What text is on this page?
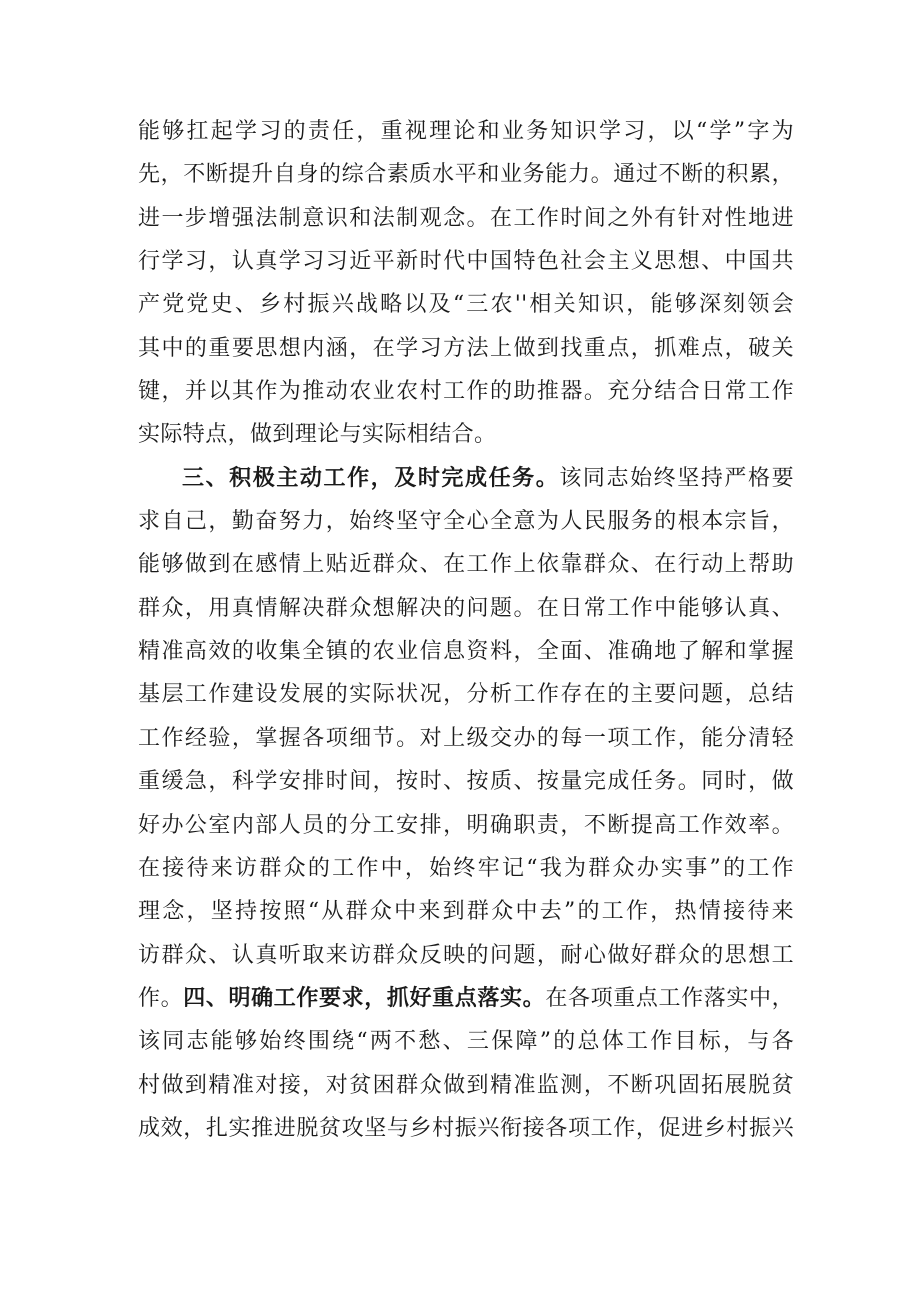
能够扛起学习的责任，重视理论和业务知识学习，以“学”字为
先，不断提升自身的综合素质水平和业务能力。通过不断的积累，
进一步增强法制意识和法制观念。在工作时间之外有针对性地进
行学习，认真学习习近平新时代中国特色社会主义思想、中国共
产党党史、乡村振兴战略以及“三农''相关知识，能够深刻领会
其中的重要思想内涵，在学习方法上做到找重点，抓难点，破关
键，并以其作为推动农业农村工作的助推器。充分结合日常工作
实际特点，做到理论与实际相结合。
三、积极主动工作，及时完成任务。该同志始终坚持严格要
求自己，勤奋努力，始终坚守全心全意为人民服务的根本宗旨，
能够做到在感情上贴近群众、在工作上依靠群众、在行动上帮助
群众，用真情解决群众想解决的问题。在日常工作中能够认真、
精准高效的收集全镇的农业信息资料，全面、准确地了解和掌握
基层工作建设发展的实际状况，分析工作存在的主要问题，总结
工作经验，掌握各项细节。对上级交办的每一项工作，能分清轻
重缓急，科学安排时间，按时、按质、按量完成任务。同时，做
好办公室内部人员的分工安排，明确职责，不断提高工作效率。
在接待来访群众的工作中，始终牢记“我为群众办实事”的工作
理念，坚持按照“从群众中来到群众中去”的工作，热情接待来
访群众、认真听取来访群众反映的问题，耐心做好群众的思想工
作。四、明确工作要求，抓好重点落实。在各项重点工作落实中，
该同志能够始终围绕“两不愁、三保障”的总体工作目标，与各
村做到精准对接，对贫困群众做到精准监测，不断巩固拓展脱贫
成效，扎实推进脱贫攻坚与乡村振兴衔接各项工作，促进乡村振兴
